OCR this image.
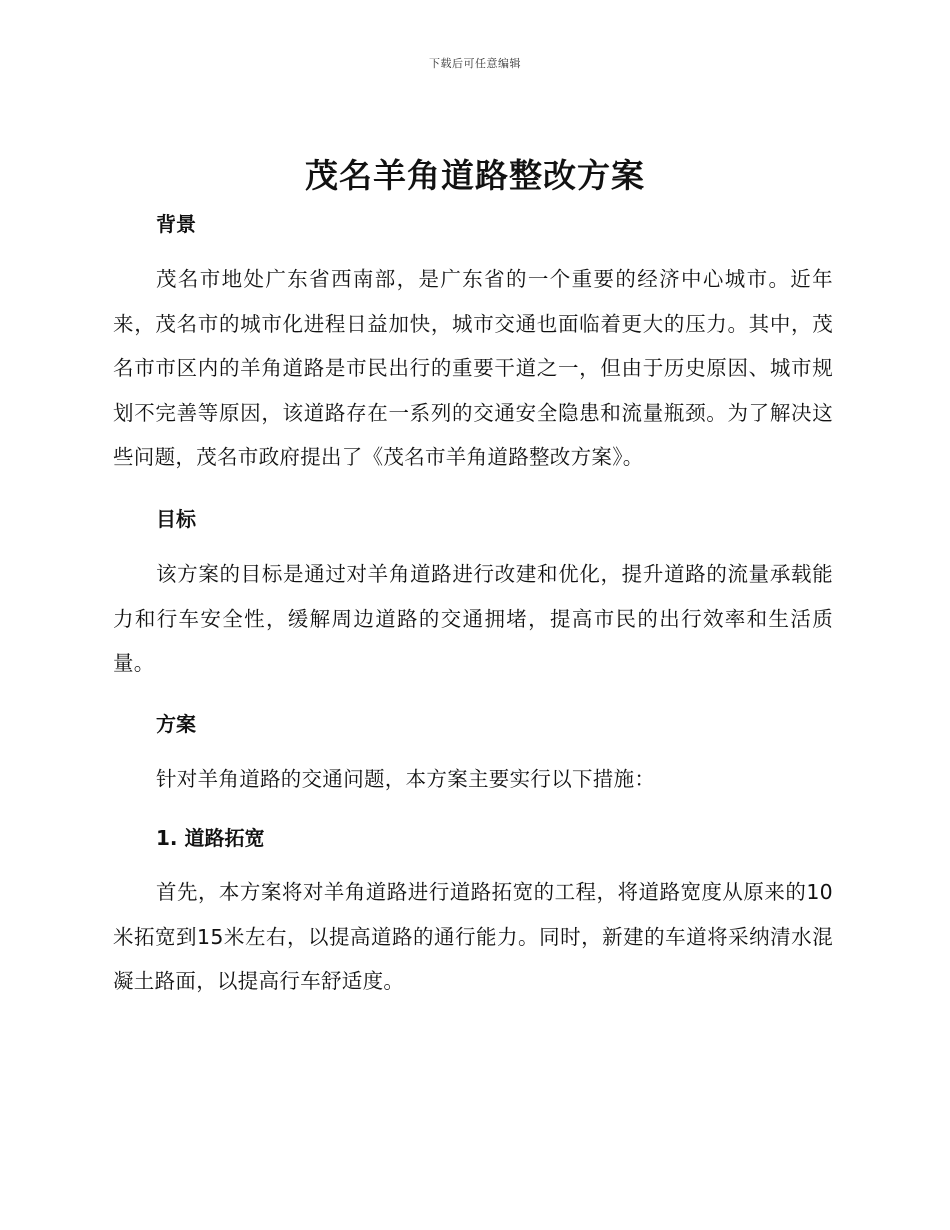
下载后可任意编辑
茂名羊角道路整改方案
背景

茂名市地处广东省西南部，是广东省的一个重要的经济中心城市。近年来，茂名市的城市化进程日益加快，城市交通也面临着更大的压力。其中，茂名市市区内的羊角道路是市民出行的重要干道之一，但由于历史原因、城市规划不完善等原因，该道路存在一系列的交通安全隐患和流量瓶颈。为了解决这些问题，茂名市政府提出了《茂名市羊角道路整改方案》。

目标

该方案的目标是通过对羊角道路进行改建和优化，提升道路的流量承载能力和行车安全性，缓解周边道路的交通拥堵，提高市民的出行效率和生活质量。

方案

针对羊角道路的交通问题，本方案主要实行以下措施：

1. 道路拓宽

首先，本方案将对羊角道路进行道路拓宽的工程，将道路宽度从原来的10米拓宽到15米左右，以提高道路的通行能力。同时，新建的车道将采纳清水混凝土路面，以提高行车舒适度。
